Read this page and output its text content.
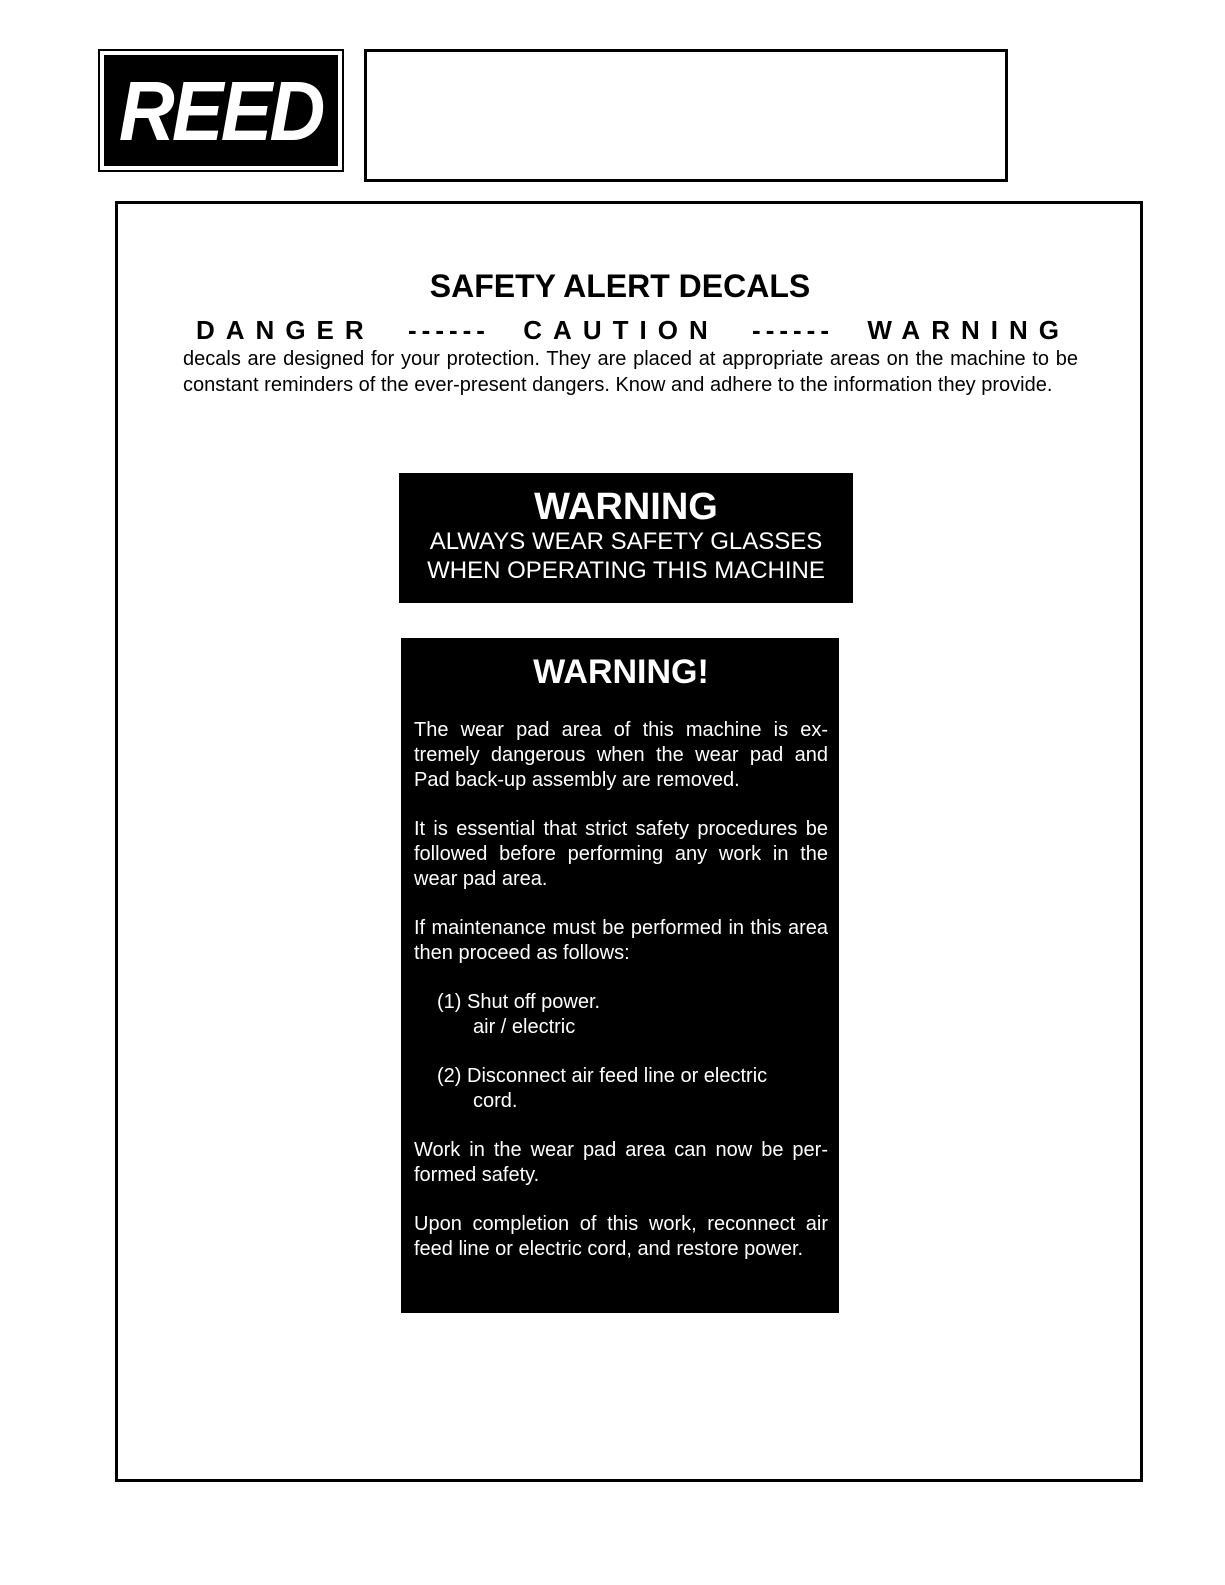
REED
SAFETY ALERT DECALS
DANGER ------ CAUTION ------ WARNING
decals are designed for your protection. They are placed at appropriate areas on the machine to be constant reminders of the ever-present dangers. Know and adhere to the information they provide.
WARNING
ALWAYS WEAR SAFETY GLASSES
WHEN OPERATING THIS MACHINE
WARNING!

The wear pad area of this machine is ex-tremely dangerous when the wear pad and Pad back-up assembly are removed.

It is essential that strict safety procedures be followed before performing any work in the wear pad area.

If maintenance must be performed in this area then proceed as follows:

(1) Shut off power.
air / electric
(2) Disconnect air feed line or electric
cord.

Work in the wear pad area can now be per-formed safety.

Upon completion of this work, reconnect air feed line or electric cord, and restore power.
